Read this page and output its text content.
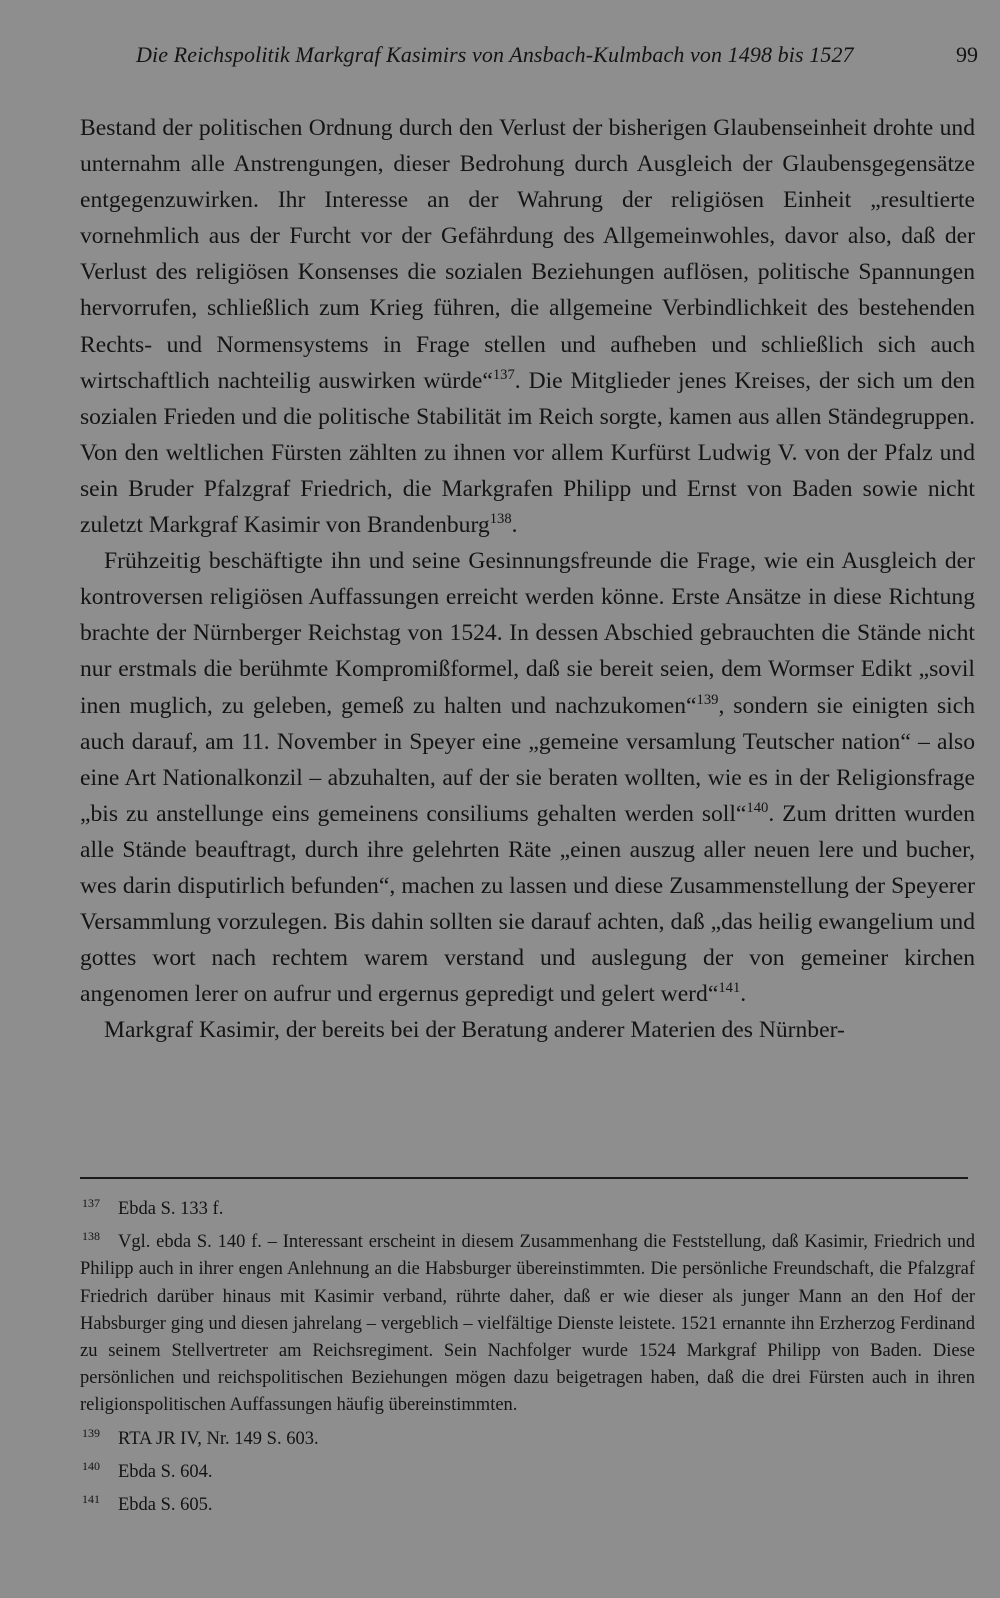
Die Reichspolitik Markgraf Kasimirs von Ansbach-Kulmbach von 1498 bis 1527	99

Bestand der politischen Ordnung durch den Verlust der bisherigen Glaubenseinheit drohte und unternahm alle Anstrengungen, dieser Bedrohung durch Ausgleich der Glaubensgegensätze entgegenzuwirken. Ihr Interesse an der Wahrung der religiösen Einheit „resultierte vornehmlich aus der Furcht vor der Gefährdung des Allgemeinwohles, davor also, daß der Verlust des religiösen Konsenses die sozialen Beziehungen auflösen, politische Spannungen hervorrufen, schließlich zum Krieg führen, die allgemeine Verbindlichkeit des bestehenden Rechts- und Normensystems in Frage stellen und aufheben und schließlich sich auch wirtschaftlich nachteilig auswirken würde“$^{137}$. Die Mitglieder jenes Kreises, der sich um den sozialen Frieden und die politische Stabilität im Reich sorgte, kamen aus allen Ständegruppen. Von den weltlichen Fürsten zählten zu ihnen vor allem Kurfürst Ludwig V. von der Pfalz und sein Bruder Pfalzgraf Friedrich, die Markgrafen Philipp und Ernst von Baden sowie nicht zuletzt Markgraf Kasimir von Brandenburg$^{138}$.

Frühzeitig beschäftigte ihn und seine Gesinnungsfreunde die Frage, wie ein Ausgleich der kontroversen religiösen Auffassungen erreicht werden könne. Erste Ansätze in diese Richtung brachte der Nürnberger Reichstag von 1524. In dessen Abschied gebrauchten die Stände nicht nur erstmals die berühmte Kompromißformel, daß sie bereit seien, dem Wormser Edikt „sovil inen muglich, zu geleben, gemeß zu halten und nachzukomen“$^{139}$, sondern sie einigten sich auch darauf, am 11. November in Speyer eine „gemeine versamlung Teutscher nation“ – also eine Art Nationalkonzil – abzuhalten, auf der sie beraten wollten, wie es in der Religionsfrage „bis zu anstellunge eins gemeinens consiliums gehalten werden soll“$^{140}$. Zum dritten wurden alle Stände beauftragt, durch ihre gelehrten Räte „einen auszug aller neuen lere und bucher, wes darin disputirlich befunden“, machen zu lassen und diese Zusammenstellung der Speyerer Versammlung vorzulegen. Bis dahin sollten sie darauf achten, daß „das heilig ewangelium und gottes wort nach rechtem warem verstand und auslegung der von gemeiner kirchen angenomen lerer on aufrur und ergernus gepredigt und gelert werd“$^{141}$.

Markgraf Kasimir, der bereits bei der Beratung anderer Materien des Nürnber-

137 Ebda S. 133 f.

138 Vgl. ebda S. 140 f. – Interessant erscheint in diesem Zusammenhang die Feststellung, daß Kasimir, Friedrich und Philipp auch in ihrer engen Anlehnung an die Habsburger übereinstimmten. Die persönliche Freundschaft, die Pfalzgraf Friedrich darüber hinaus mit Kasimir verband, rührte daher, daß er wie dieser als junger Mann an den Hof der Habsburger ging und diesen jahrelang – vergeblich – vielfältige Dienste leistete. 1521 ernannte ihn Erzherzog Ferdinand zu seinem Stellvertreter am Reichsregiment. Sein Nachfolger wurde 1524 Markgraf Philipp von Baden. Diese persönlichen und reichspolitischen Beziehungen mögen dazu beigetragen haben, daß die drei Fürsten auch in ihren religionspolitischen Auffassungen häufig übereinstimmten.

139 RTA JR IV, Nr. 149 S. 603.

140 Ebda S. 604.

141 Ebda S. 605.
